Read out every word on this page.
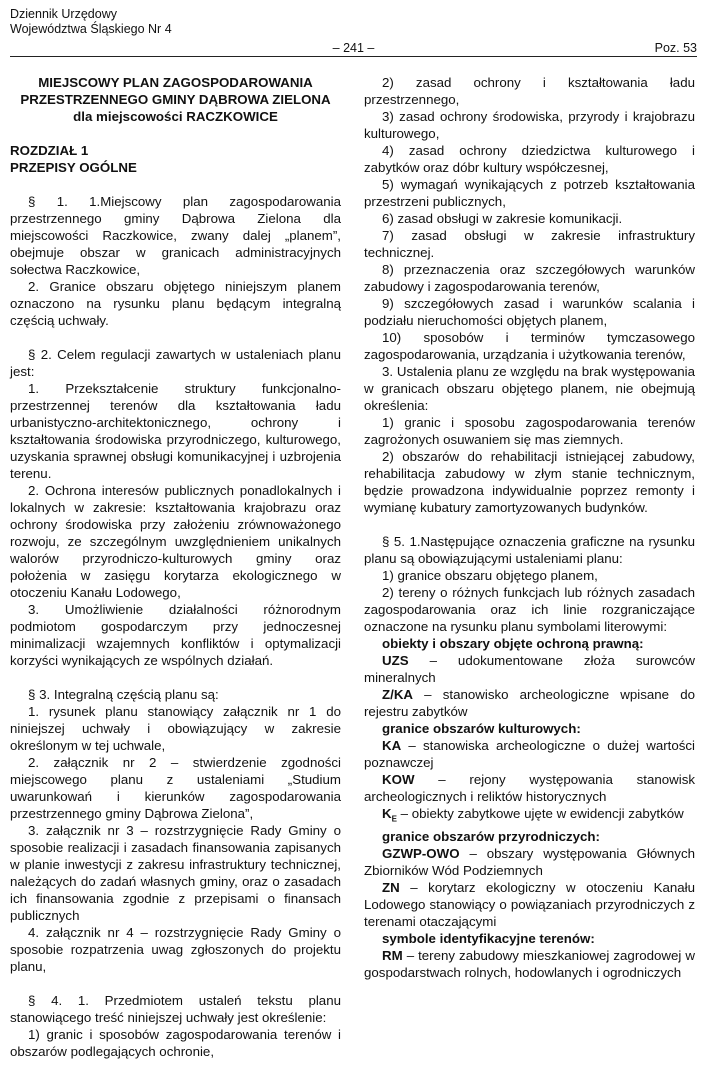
Dziennik Urzędowy
Województwa Śląskiego Nr 4
– 241 –	Poz. 53
MIEJSCOWY PLAN ZAGOSPODAROWANIA
PRZESTRZENNEGO GMINY DĄBROWA ZIELONA
dla miejscowości RACZKOWICE
ROZDZIAŁ 1
PRZEPISY OGÓLNE

§ 1. 1.Miejscowy plan zagospodarowania przestrzennego gminy Dąbrowa Zielona dla miejscowości Raczkowice, zwany dalej „planem”, obejmuje obszar w granicach administracyjnych sołectwa Raczkowice,

2. Granice obszaru objętego niniejszym planem oznaczono na rysunku planu będącym integralną częścią uchwały.

§ 2. Celem regulacji zawartych w ustaleniach planu jest:

1. Przekształcenie struktury funkcjonalno-przestrzennej terenów dla kształtowania ładu urbanistyczno-architektonicznego, ochrony i kształtowania środowiska przyrodniczego, kulturowego, uzyskania sprawnej obsługi komunikacyjnej i uzbrojenia terenu.

2. Ochrona interesów publicznych ponadlokalnych i lokalnych w zakresie: kształtowania krajobrazu oraz ochrony środowiska przy założeniu zrównoważonego rozwoju, ze szczególnym uwzględnieniem unikalnych walorów przyrodniczo-kulturowych gminy oraz położenia w zasięgu korytarza ekologicznego w otoczeniu Kanału Lodowego,

3. Umożliwienie działalności różnorodnym podmiotom gospodarczym przy jednoczesnej minimalizacji wzajemnych konfliktów i optymalizacji korzyści wynikających ze wspólnych działań.

§ 3. Integralną częścią planu są:

1. rysunek planu stanowiący załącznik nr 1 do niniejszej uchwały i obowiązujący w zakresie określonym w tej uchwale,

2. załącznik nr 2 – stwierdzenie zgodności miejscowego planu z ustaleniami „Studium uwarunkowań i kierunków zagospodarowania przestrzennego gminy Dąbrowa Zielona”,

3. załącznik nr 3 – rozstrzygnięcie Rady Gminy o sposobie realizacji i zasadach finansowania zapisanych w planie inwestycji z zakresu infrastruktury technicznej, należących do zadań własnych gminy, oraz o zasadach ich finansowania zgodnie z przepisami o finansach publicznych

4. załącznik nr 4 – rozstrzygnięcie Rady Gminy o sposobie rozpatrzenia uwag zgłoszonych do projektu planu,

§ 4. 1. Przedmiotem ustaleń tekstu planu stanowiącego treść niniejszej uchwały jest określenie:

1) granic i sposobów zagospodarowania terenów i obszarów podlegających ochronie,

2) zasad ochrony i kształtowania ładu przestrzennego,

3) zasad ochrony środowiska, przyrody i krajobrazu kulturowego,

4) zasad ochrony dziedzictwa kulturowego i zabytków oraz dóbr kultury współczesnej,

5) wymagań wynikających z potrzeb kształtowania przestrzeni publicznych,

6) zasad obsługi w zakresie komunikacji.

7) zasad obsługi w zakresie infrastruktury technicznej.

8) przeznaczenia oraz szczegółowych warunków zabudowy i zagospodarowania terenów,

9) szczegółowych zasad i warunków scalania i podziału nieruchomości objętych planem,

10) sposobów i terminów tymczasowego zagospodarowania, urządzania i użytkowania terenów,

3. Ustalenia planu ze względu na brak występowania w granicach obszaru objętego planem, nie obejmują określenia:

1) granic i sposobu zagospodarowania terenów zagrożonych osuwaniem się mas ziemnych.

2) obszarów do rehabilitacji istniejącej zabudowy, rehabilitacja zabudowy w złym stanie technicznym, będzie prowadzona indywidualnie poprzez remonty i wymianę kubatury zamortyzowanych budynków.

§ 5. 1.Następujące oznaczenia graficzne na rysunku planu są obowiązującymi ustaleniami planu:

1) granice obszaru objętego planem,

2) tereny o różnych funkcjach lub różnych zasadach zagospodarowania oraz ich linie rozgraniczające oznaczone na rysunku planu symbolami literowymi:

obiekty i obszary objęte ochroną prawną:

UZS – udokumentowane złoża surowców mineralnych

Z/KA – stanowisko archeologiczne wpisane do rejestru zabytków

granice obszarów kulturowych:

KA – stanowiska archeologiczne o dużej wartości poznawczej

KOW – rejony występowania stanowisk archeologicznych i reliktów historycznych

$K_E$ – obiekty zabytkowe ujęte w ewidencji zabytków

granice obszarów przyrodniczych:

GZWP-OWO – obszary występowania Głównych Zbiorników Wód Podziemnych

ZN – korytarz ekologiczny w otoczeniu Kanału Lodowego stanowiący o powiązaniach przyrodniczych z terenami otaczającymi

symbole identyfikacyjne terenów:

RM – tereny zabudowy mieszkaniowej zagrodowej w gospodarstwach rolnych, hodowlanych i ogrodniczych
